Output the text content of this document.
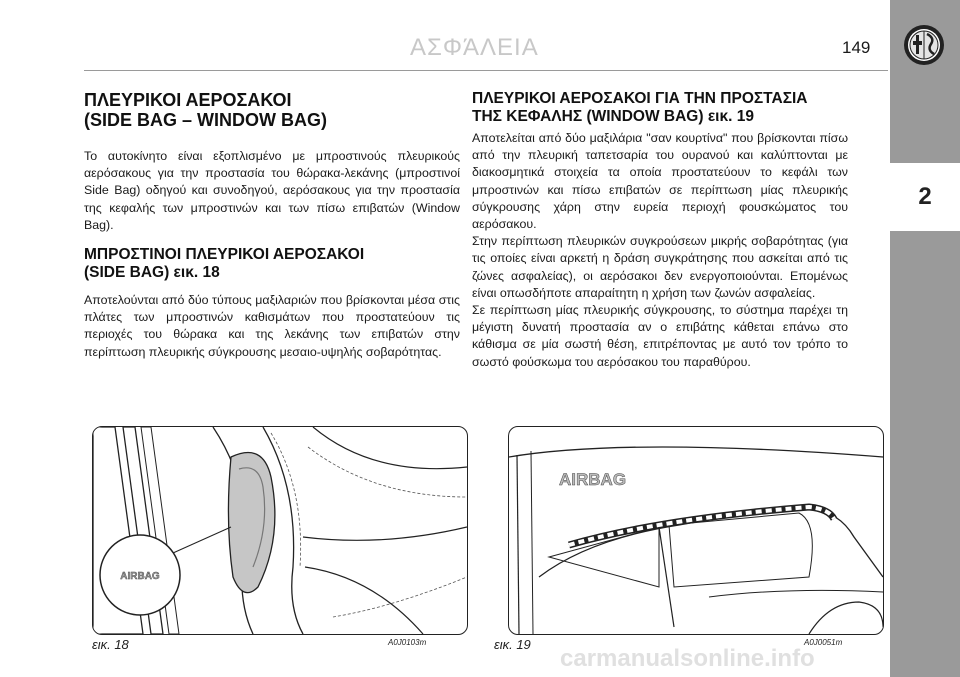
ΑΣΦΆΛΕΙΑ	149
2
ΠΛΕΥΡΙΚΟΙ ΑΕΡΟΣΑΚΟΙ
(SIDE BAG – WINDOW BAG)

Το αυτοκίνητο είναι εξοπλισμένο με μπροστινούς πλευρικούς αερόσακους για την προστασία του θώρακα-λεκάνης (μπροστινοί Side Bag) οδηγού και συνοδηγού, αερόσακους για την προστασία της κεφαλής των μπροστινών και των πίσω επιβατών (Window Bag).

ΜΠΡΟΣΤΙΝΟΙ ΠΛΕΥΡΙΚΟΙ ΑΕΡΟΣΑΚΟΙ
(SIDE BAG) εικ. 18

Αποτελούνται από δύο τύπους μαξιλαριών που βρίσκονται μέσα στις πλάτες των μπροστινών καθισμάτων που προστατεύουν τις περιοχές του θώρακα και της λεκάνης των επιβατών στην περίπτωση πλευρικής σύγκρουσης μεσαιο-υψηλής σοβαρότητας.

ΠΛΕΥΡΙΚΟΙ ΑΕΡΟΣΑΚΟΙ ΓΙΑ ΤΗΝ ΠΡΟΣΤΑΣΙΑ
ΤΗΣ ΚΕΦΑΛΗΣ (WINDOW BAG) εικ. 19

Αποτελείται από δύο μαξιλάρια "σαν κουρτίνα" που βρίσκονται πίσω από την πλευρική ταπετσαρία του ουρανού και καλύπτονται με διακοσμητικά στοιχεία τα οποία προστατεύουν το κεφάλι των μπροστινών και πίσω επιβατών σε περίπτωση μίας πλευρικής σύγκρουσης χάρη στην ευρεία περιοχή φουσκώματος του αερόσακου.

Στην περίπτωση πλευρικών συγκρούσεων μικρής σοβαρότητας (για τις οποίες είναι αρκετή η δράση συγκράτησης που ασκείται από τις ζώνες ασφαλείας), οι αερόσακοι δεν ενεργοποιούνται. Επομένως είναι οπωσδήποτε απαραίτητη η χρήση των ζωνών ασφαλείας.

Σε περίπτωση μίας πλευρικής σύγκρουσης, το σύστημα παρέχει τη μέγιστη δυνατή προστασία αν ο επιβάτης κάθεται επάνω στο κάθισμα σε μία σωστή θέση, επιτρέποντας με αυτό τον τρόπο το σωστό φούσκωμα του αερόσακου του παραθύρου.

AIRBAG
εικ. 18	A0J0103m
AIRBAG
εικ. 19	A0J0051m
carmanualsonline.info
